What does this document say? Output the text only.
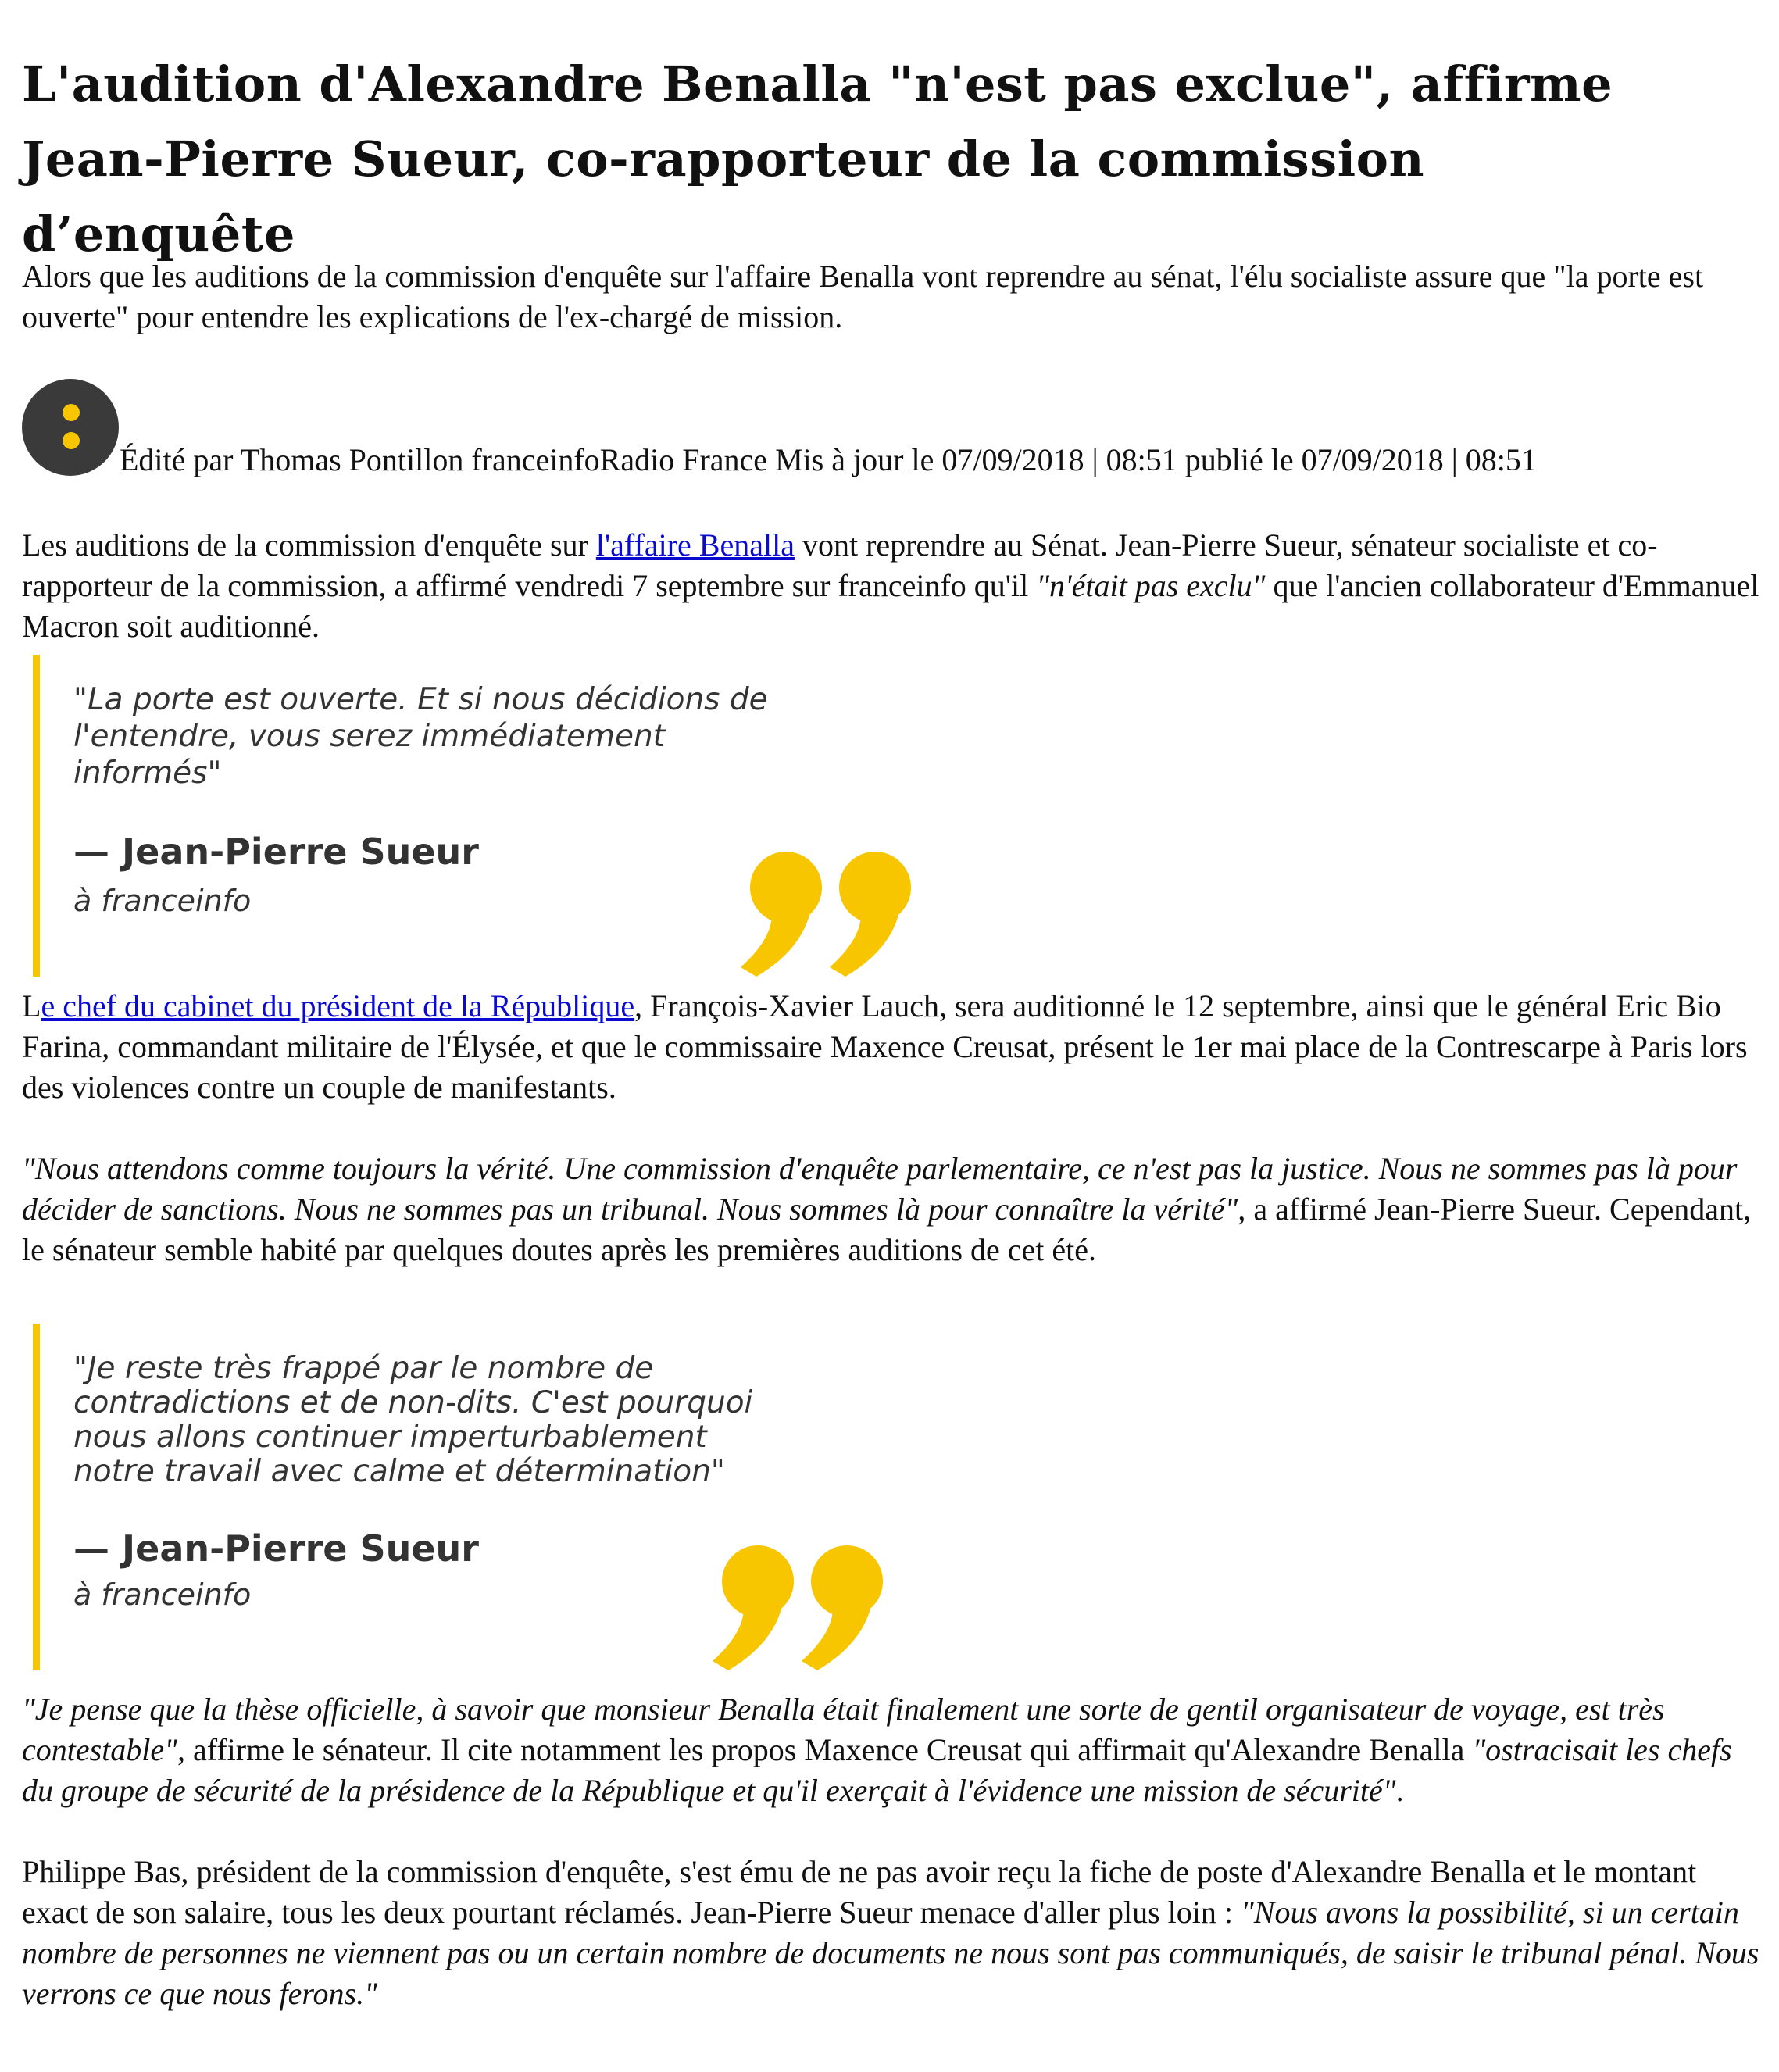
L'audition d'Alexandre Benalla "n'est pas exclue", affirme Jean-Pierre Sueur, co-rapporteur de la commission d’enquête

Alors que les auditions de la commission d'enquête sur l'affaire Benalla vont reprendre au sénat, l'élu socialiste assure que "la porte est ouverte" pour entendre les explications de l'ex-chargé de mission.

Édité par Thomas Pontillon franceinfoRadio France Mis à jour le 07/09/2018 | 08:51 publié le 07/09/2018 | 08:51

Les auditions de la commission d'enquête sur l'affaire Benalla vont reprendre au Sénat. Jean-Pierre Sueur, sénateur socialiste et co-rapporteur de la commission, a affirmé vendredi 7 septembre sur franceinfo qu'il "n'était pas exclu" que l'ancien collaborateur d'Emmanuel Macron soit auditionné.

"La porte est ouverte. Et si nous décidions de
l'entendre, vous serez immédiatement
informés"

— Jean-Pierre Sueur

à franceinfo

Le chef du cabinet du président de la République, François-Xavier Lauch, sera auditionné le 12 septembre, ainsi que le général Eric Bio Farina, commandant militaire de l'Élysée, et que le commissaire Maxence Creusat, présent le 1er mai place de la Contrescarpe à Paris lors des violences contre un couple de manifestants.

"Nous attendons comme toujours la vérité. Une commission d'enquête parlementaire, ce n'est pas la justice. Nous ne sommes pas là pour décider de sanctions. Nous ne sommes pas un tribunal. Nous sommes là pour connaître la vérité", a affirmé Jean-Pierre Sueur. Cependant, le sénateur semble habité par quelques doutes après les premières auditions de cet été.

"Je reste très frappé par le nombre de
contradictions et de non-dits. C'est pourquoi
nous allons continuer imperturbablement
notre travail avec calme et détermination"

— Jean-Pierre Sueur

à franceinfo

"Je pense que la thèse officielle, à savoir que monsieur Benalla était finalement une sorte de gentil organisateur de voyage, est très contestable", affirme le sénateur. Il cite notamment les propos Maxence Creusat qui affirmait qu'Alexandre Benalla "ostracisait les chefs du groupe de sécurité de la présidence de la République et qu'il exerçait à l'évidence une mission de sécurité".

Philippe Bas, président de la commission d'enquête, s'est ému de ne pas avoir reçu la fiche de poste d'Alexandre Benalla et le montant exact de son salaire, tous les deux pourtant réclamés. Jean-Pierre Sueur menace d'aller plus loin : "Nous avons la possibilité, si un certain nombre de personnes ne viennent pas ou un certain nombre de documents ne nous sont pas communiqués, de saisir le tribunal pénal. Nous verrons ce que nous ferons."
